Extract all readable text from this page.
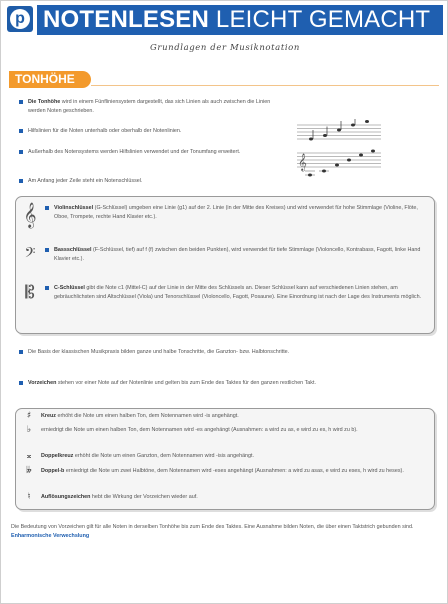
p NOTENLESEN LEICHT GEMACHT
Grundlagen der Musiknotation
TONHÖHE
Die Tonhöhe wird in einem Fünfliniensystem dargestellt, das sich Linien als auch zwischen die Linien werden Noten geschrieben.
Hilfslinien für die Noten unterhalb oder oberhalb der Notenlinien.
Außerhalb des Notensystems werden Hilfslinien verwendet und der Tonumfang erweitert.
Am Anfang jeder Zeile steht ein Notenschlüssel.
𝄞
𝄞	Violinschlüssel (G-Schlüssel) umgeben eine Linie (g1) auf der 2. Linie (in der Mitte des Kreises) und wird verwendet für hohe Stimmlage (Violine, Flöte, Oboe, Trompete, rechte Hand Klavier etc.).
𝄢	Bassschlüssel (F-Schlüssel, tief) auf f (f) zwischen den beiden Punkten), wird verwendet für tiefe Stimmlage (Violoncello, Kontrabass, Fagott, linke Hand Klavier etc.).
𝄡	C-Schlüssel gibt die Note c1 (Mittel-C) auf der Linie in der Mitte des Schlüssels an. Dieser Schlüssel kann auf verschiedenen Linien stehen, am gebräuchlichsten sind Altschlüssel (Viola) und Tenorschlüssel (Violoncello, Fagott, Posaune). Eine Einordnung ist nach der Lage des Instruments möglich.
Die Basis der klassischen Musikpraxis bilden ganze und halbe Tonschritte, die Ganzton- bzw. Halbtonschritte.
Vorzeichen stehen vor einer Note auf der Notenlinie und gelten bis zum Ende des Taktes für den ganzen restlichen Takt.
♯	Kreuz erhöht die Note um einen halben Ton, dem Notennamen wird -is angehängt.
♭	erniedrigt die Note um einen halben Ton, dem Notennamen wird -es angehängt (Ausnahmen: a wird zu as, e wird zu es, h wird zu b).
𝄪	Doppelkreuz erhöht die Note um einen Ganzton, dem Notennamen wird -isis angehängt.
𝄫	Doppel-b erniedrigt die Note um zwei Halbtöne, dem Notennamen wird -eses angehängt (Ausnahmen: a wird zu asas, e wird zu eses, h wird zu heses).
♮	Auflösungszeichen hebt die Wirkung der Vorzeichen wieder auf.
Die Bedeutung von Vorzeichen gilt für alle Noten in derselben Tonhöhe bis zum Ende des Taktes. Eine Ausnahme bilden Noten, die über einen Taktstrich gebunden sind. Enharmonische Verwechslung
